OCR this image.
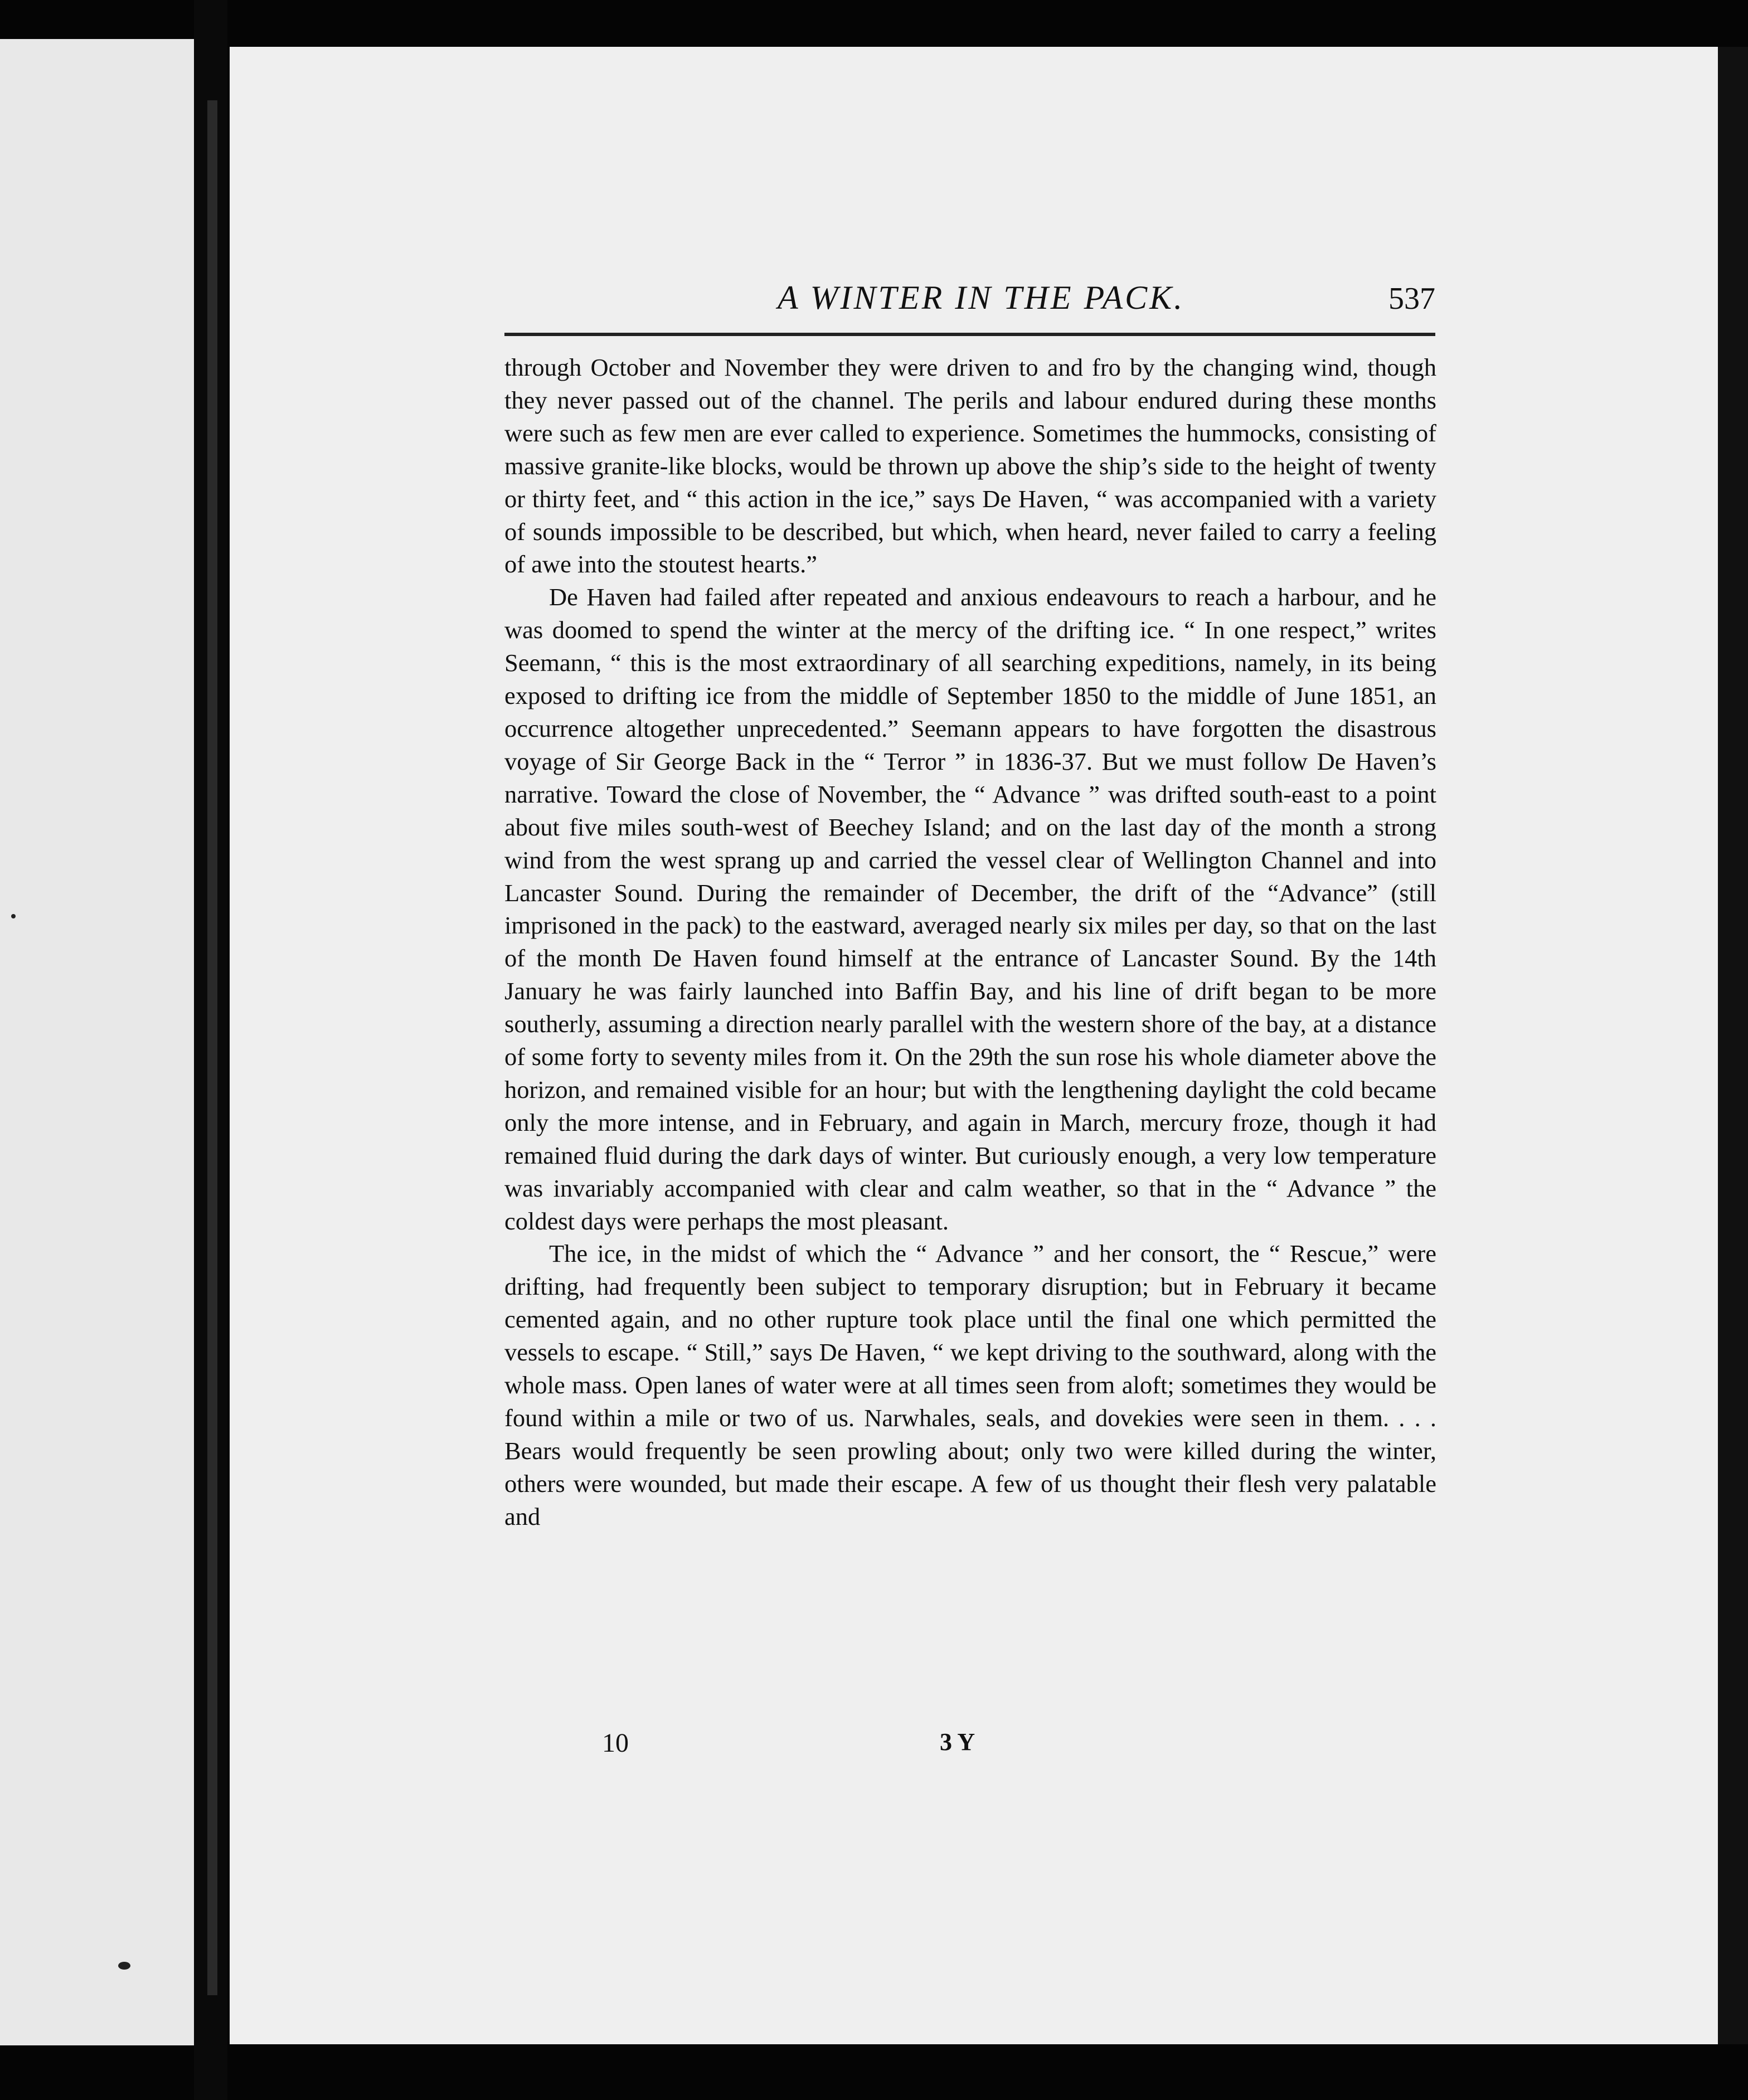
A WINTER IN THE PACK.	537

through October and November they were driven to and fro by the changing wind, though they never passed out of the channel. The perils and labour endured during these months were such as few men are ever called to experience. Sometimes the hummocks, consisting of massive granite-like blocks, would be thrown up above the ship’s side to the height of twenty or thirty feet, and “ this action in the ice,” says De Haven, “ was accompanied with a variety of sounds impossible to be described, but which, when heard, never failed to carry a feeling of awe into the stoutest hearts.”

De Haven had failed after repeated and anxious endeavours to reach a harbour, and he was doomed to spend the winter at the mercy of the drifting ice. “ In one respect,” writes Seemann, “ this is the most extraordinary of all searching expeditions, namely, in its being exposed to drifting ice from the middle of September 1850 to the middle of June 1851, an occurrence altogether unprecedented.” Seemann appears to have forgotten the disastrous voyage of Sir George Back in the “ Terror ” in 1836-37. But we must follow De Haven’s narrative. Toward the close of November, the “ Advance ” was drifted south-east to a point about five miles south-west of Beechey Island; and on the last day of the month a strong wind from the west sprang up and carried the vessel clear of Wellington Channel and into Lancaster Sound. During the remainder of December, the drift of the “Advance” (still imprisoned in the pack) to the eastward, averaged nearly six miles per day, so that on the last of the month De Haven found himself at the entrance of Lancaster Sound. By the 14th January he was fairly launched into Baffin Bay, and his line of drift began to be more southerly, assuming a direction nearly parallel with the western shore of the bay, at a distance of some forty to seventy miles from it. On the 29th the sun rose his whole diameter above the horizon, and remained visible for an hour; but with the lengthening daylight the cold became only the more intense, and in February, and again in March, mercury froze, though it had remained fluid during the dark days of winter. But curiously enough, a very low temperature was invariably accompanied with clear and calm weather, so that in the “ Advance ” the coldest days were perhaps the most pleasant.

The ice, in the midst of which the “ Advance ” and her consort, the “ Rescue,” were drifting, had frequently been subject to temporary disruption; but in February it became cemented again, and no other rupture took place until the final one which permitted the vessels to escape. “ Still,” says De Haven, “ we kept driving to the southward, along with the whole mass. Open lanes of water were at all times seen from aloft; sometimes they would be found within a mile or two of us. Narwhales, seals, and dovekies were seen in them. . . . Bears would frequently be seen prowling about; only two were killed during the winter, others were wounded, but made their escape. A few of us thought their flesh very palatable and

10	3 Y
